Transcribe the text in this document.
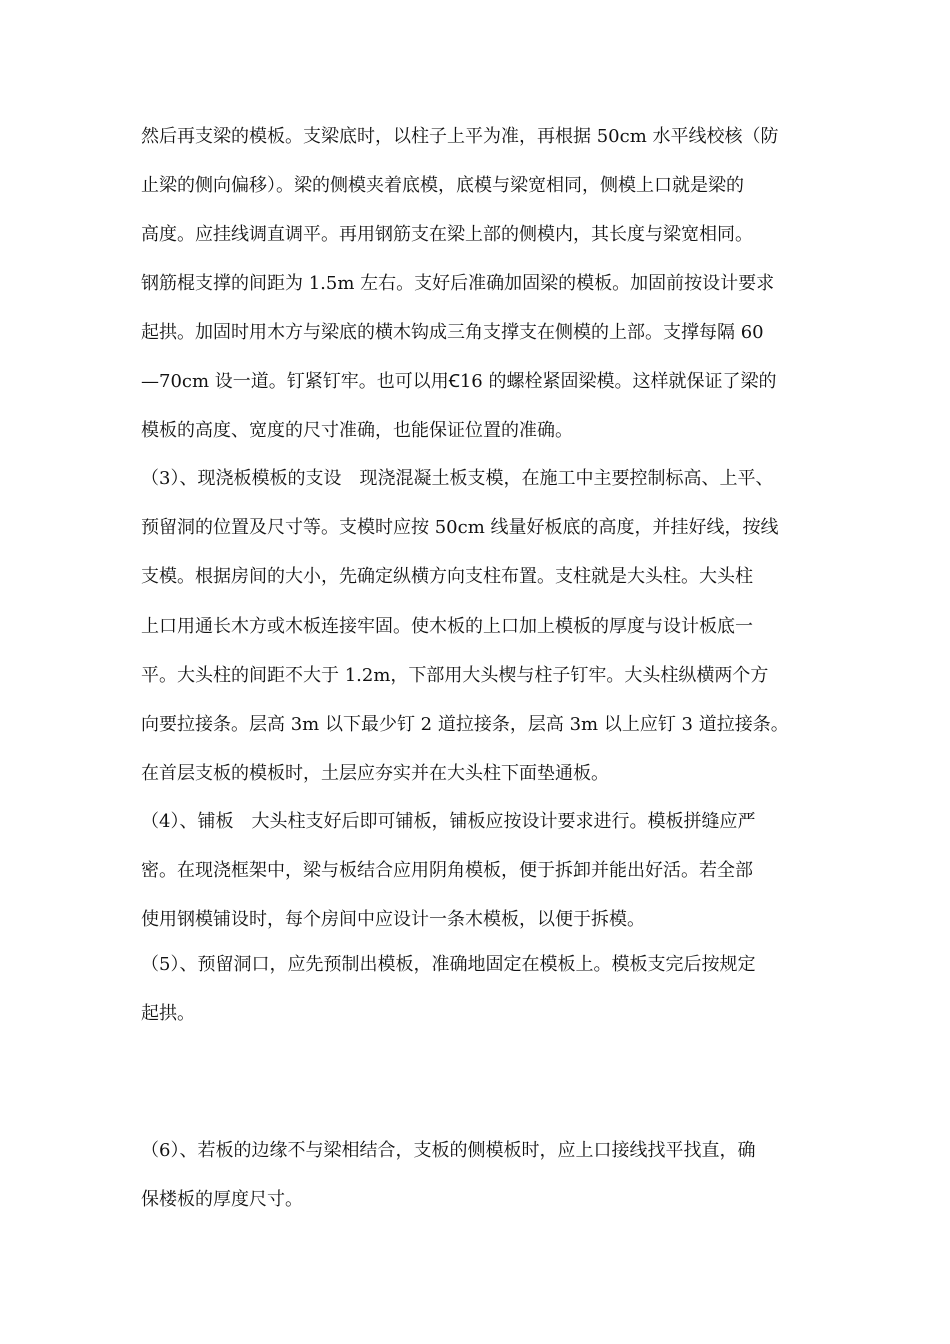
然后再支梁的模板。支梁底时，以柱子上平为准，再根据 50cm 水平线校核（防
止梁的侧向偏移）。梁的侧模夹着底模，底模与梁宽相同，侧模上口就是梁的
高度。应挂线调直调平。再用钢筋支在梁上部的侧模内，其长度与梁宽相同。
钢筋棍支撑的间距为 1.5m 左右。支好后准确加固梁的模板。加固前按设计要求
起拱。加固时用木方与梁底的横木钩成三角支撑支在侧模的上部。支撑每隔 60
—70cm 设一道。钉紧钉牢。也可以用Ꞓ16 的螺栓紧固梁模。这样就保证了梁的
模板的高度、宽度的尺寸准确，也能保证位置的准确。
（3）、现浇板模板的支设　现浇混凝土板支模，在施工中主要控制标高、上平、
预留洞的位置及尺寸等。支模时应按 50cm 线量好板底的高度，并挂好线，按线
支模。根据房间的大小，先确定纵横方向支柱布置。支柱就是大头柱。大头柱
上口用通长木方或木板连接牢固。使木板的上口加上模板的厚度与设计板底一
平。大头柱的间距不大于 1.2m，下部用大头楔与柱子钉牢。大头柱纵横两个方
向要拉接条。层高 3m 以下最少钉 2 道拉接条，层高 3m 以上应钉 3 道拉接条。
在首层支板的模板时，土层应夯实并在大头柱下面垫通板。
（4）、铺板　大头柱支好后即可铺板，铺板应按设计要求进行。模板拼缝应严
密。在现浇框架中，梁与板结合应用阴角模板，便于拆卸并能出好活。若全部
使用钢模铺设时，每个房间中应设计一条木模板，以便于拆模。
（5）、预留洞口，应先预制出模板，准确地固定在模板上。模板支完后按规定
起拱。
（6）、若板的边缘不与梁相结合，支板的侧模板时，应上口接线找平找直，确
保楼板的厚度尺寸。
